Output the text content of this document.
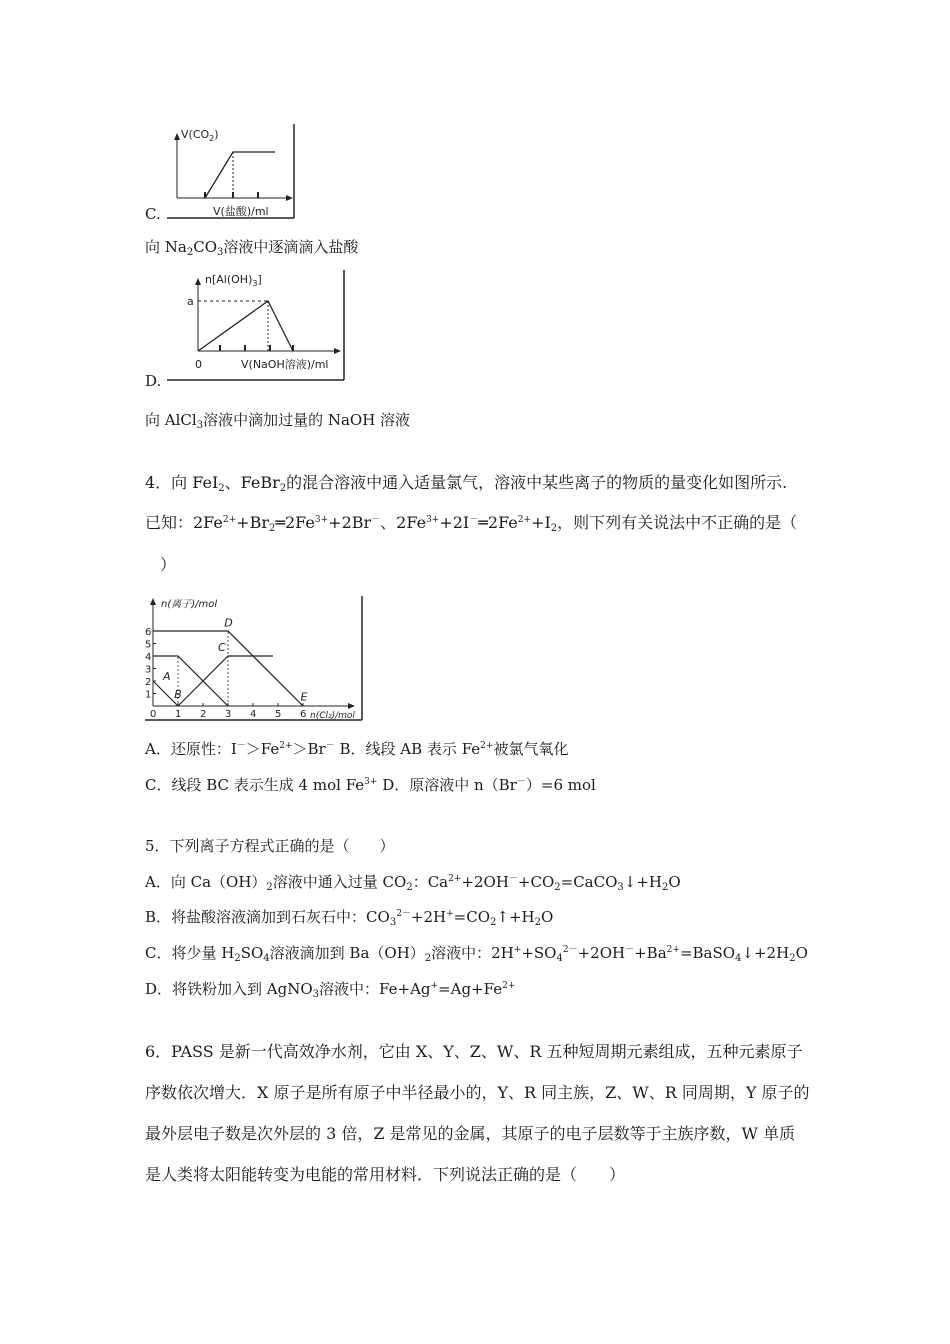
$V(CO_2)$
V(盐酸)/ml
C.
向 $Na_2CO_3$溶液中逐滴滴入盐酸
$n[Al(OH)_3]$
a
0	V(NaOH溶液)/ml
D.
向 AlCl$_3$溶液中滴加过量的 NaOH 溶液
4．向 FeI$_2$、FeBr$_2$的混合溶液中通入适量氯气，溶液中某些离子的物质的量变化如图所示.
已知：$2Fe^{2+}+Br_2═2Fe^{3+}+2Br^-$、$2Fe^{3+}+2I^-═2Fe^{2+}+I_2$，则下列有关说法中不正确的是（
）
n(离子)/mol
n(Cl₂)/mol
0 1 2 3 4 5 6
1
2
3
4
5
6
A
B
C
D
E
A．还原性：$I^->Fe^{2+}>Br^-$ B．线段 AB 表示 $Fe^{2+}$被氯气氧化
C．线段 BC 表示生成 4 mol $Fe^{3+}$ D．原溶液中 n（Br－）=6 mol
5．下列离子方程式正确的是（　　）
A．向 $Ca(OH)_2$溶液中通入过量 $CO_2$：$Ca^{2+}+2OH^-+CO_2=CaCO_3↓+H_2O$
B．将盐酸溶液滴加到石灰石中：$CO_3^{2-}+2H^+=CO_2↑+H_2O$
C．将少量 $H_2SO_4$溶液滴加到 $Ba(OH)_2$溶液中：$2H^++SO_4^{2-}+2OH^-+Ba^{2+}=BaSO_4↓+2H_2O$
D．将铁粉加入到 AgNO$_3$溶液中：$Fe+Ag^+=Ag+Fe^{2+}$
6．PASS 是新一代高效净水剂，它由 X、Y、Z、W、R 五种短周期元素组成，五种元素原子
序数依次增大．X 原子是所有原子中半径最小的，Y、R 同主族，Z、W、R 同周期，Y 原子的
最外层电子数是次外层的 3 倍，Z 是常见的金属，其原子的电子层数等于主族序数，W 单质
是人类将太阳能转变为电能的常用材料．下列说法正确的是（　　）
